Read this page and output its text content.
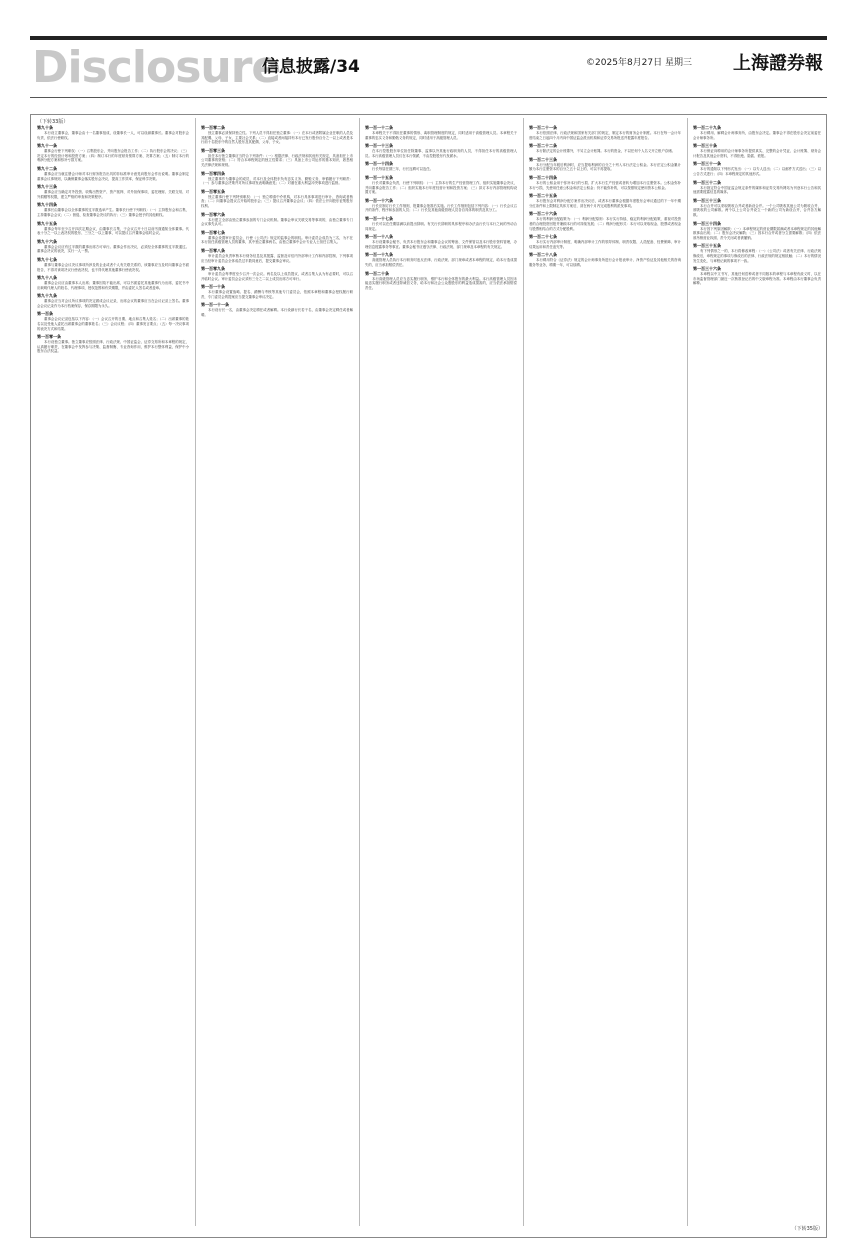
Disclosure
信息披露/34	©2025年8月27日 星期三 上海證券報
（下转33版）
第九十条

本行设立董事会，董事会由十一名董事组成，设董事长一人，可以设副董事长。董事会对股东会负责，依法行使职权。

第九十一条

董事会行使下列职权：（一）召集股东会，并向股东会报告工作；（二）执行股东会的决议；（三）决定本行的经营计划和投资方案；（四）制订本行的年度财务预算方案、决算方案；（五）制订本行的利润分配方案和弥补亏损方案。

第九十二条

董事会应当就注册会计师对本行财务报告出具的非标准审计意见向股东会作出说明。董事会制定董事会议事规则，以确保董事会落实股东会决议，提高工作效率，保证科学决策。

第九十三条

董事会应当确定对外投资、收购出售资产、资产抵押、对外担保事项、委托理财、关联交易、对外捐赠等权限，建立严格的审查和决策程序。

第九十四条

董事长由董事会以全体董事的过半数选举产生。董事长行使下列职权：（一）主持股东会和召集、主持董事会会议；（二）督促、检查董事会决议的执行；（三）董事会授予的其他职权。

第九十五条

董事会每年至少召开四次定期会议，由董事长召集，于会议召开十日以前书面通知全体董事。代表十分之一以上表决权的股东、三分之一以上董事，可以提议召开董事会临时会议。

第九十六条

董事会会议应有过半数的董事出席方可举行。董事会作出决议，必须经全体董事的过半数通过。董事会决议的表决，实行一人一票。

第九十七条

董事与董事会会议决议事项所涉及的企业或者个人有关联关系的，该董事应当及时向董事会书面报告，不得对该项决议行使表决权，也不得代理其他董事行使表决权。

第九十八条

董事会会议应由董事本人出席；董事因故不能出席，可以书面委托其他董事代为出席，委托书中应载明代理人的姓名、代理事项、授权范围和有效期限，并由委托人签名或者盖章。

第九十九条

董事会应当对会议所议事项的决定做成会议记录，出席会议的董事应当在会议记录上签名。董事会会议记录作为本行档案保存，保存期限为永久。

第一百条

董事会会议记录包括以下内容：（一）会议召开的日期、地点和召集人姓名；（二）出席董事的姓名以及受他人委托出席董事会的董事姓名；（三）会议议程；（四）董事发言要点；（五）每一决议事项的表决方式和结果。

第一百零一条

本行设独立董事。独立董事应按照法律、行政法规、中国证监会、证券交易所和本章程的规定，认真履行职责，在董事会中发挥参与决策、监督制衡、专业咨询作用，维护本行整体利益，保护中小股东合法权益。

第一百零二条

独立董事必须保持独立性。下列人员不得担任独立董事：（一）在本行或者附属企业任职的人员及其配偶、父母、子女、主要社会关系；（二）直接或者间接持有本行已发行股份百分之一以上或者是本行前十名股东中的自然人股东及其配偶、父母、子女。

第一百零三条

担任本行独立董事应当符合下列条件：（一）根据法律、行政法规和其他有关规定，具备担任上市公司董事的资格；（二）符合本章程规定的独立性要求；（三）具备上市公司运作的基本知识，熟悉相关法律法规和规则。

第一百零四条

独立董事作为董事会的成员，对本行及全体股东负有忠实义务、勤勉义务，审慎履行下列职责：（一）参与董事会决策并对所议事项发表明确意见；（二）对潜在重大利益冲突事项进行监督。

第一百零五条

独立董事行使下列特别职权：（一）独立聘请中介机构，对本行具体事项进行审计、咨询或者核查；（二）向董事会提议召开临时股东会；（三）提议召开董事会会议；（四）依法公开向股东征集股东权利。

第一百零六条

本行建立全部由独立董事参加的专门会议机制。董事会审议关联交易等事项的，由独立董事专门会议事先认可。

第一百零七条

董事会设置审计委员会，行使《公司法》规定的监事会的职权。审计委员会成员为三名，为不在本行担任高级管理人员的董事，其中独立董事两名，由独立董事中会计专业人士担任召集人。

第一百零八条

审计委员会负责审核本行财务信息及其披露、监督及评估内外部审计工作和内部控制，下列事项应当经审计委员会全体成员过半数同意后，提交董事会审议。

第一百零九条

审计委员会每季度至少召开一次会议。两名及以上成员提议，或者召集人认为有必要时，可以召开临时会议。审计委员会会议须有三分之二以上成员出席方可举行。

第一百一十条

本行董事会设置战略、提名、薪酬与考核等其他专门委员会，依照本章程和董事会授权履行职责，专门委员会的提案应当提交董事会审议决定。

第一百一十一条

本行设行长一名，由董事会决定聘任或者解聘。本行设副行长若干名，由董事会决定聘任或者解聘。

第一百一十二条

本章程关于不得担任董事的情形、离职管理制度的规定，同时适用于高级管理人员。本章程关于董事的忠实义务和勤勉义务的规定，同时适用于高级管理人员。

第一百一十三条

在本行控股股东单位担任除董事、监事以外其他行政职务的人员，不得担任本行的高级管理人员。本行高级管理人员仅在本行领薪，不由控股股东代发薪水。

第一百一十四条

行长每届任期三年，行长连聘可以连任。

第一百一十五条

行长对董事会负责，行使下列职权：（一）主持本行的生产经营管理工作，组织实施董事会决议，并向董事会报告工作；（二）组织实施本行年度经营计划和投资方案；（三）拟订本行内部管理机构设置方案。

第一百一十六条

行长应制订行长工作细则，报董事会批准后实施。行长工作细则包括下列内容：（一）行长会议召开的条件、程序和参加的人员；（二）行长及其他高级管理人员各自具体的职责及其分工。

第一百一十七条

行长可以在任期届满以前提出辞职。有关行长辞职的具体程序和办法由行长与本行之间的劳动合同规定。

第一百一十八条

本行设董事会秘书，负责本行股东会和董事会会议的筹备、文件保管以及本行股东资料管理，办理信息披露事务等事宜。董事会秘书应遵守法律、行政法规、部门规章及本章程的有关规定。

第一百一十九条

高级管理人员执行本行职务时违反法律、行政法规、部门规章或者本章程的规定，给本行造成损失的，应当承担赔偿责任。

第一百二十条

本行高级管理人员应当忠实履行职务，维护本行和全体股东的最大利益。本行高级管理人员因未能忠实履行职务或者违背诚信义务，给本行和社会公众股股东的利益造成损害的，应当依法承担赔偿责任。

第一百二十一条

本行依照法律、行政法规和国家有关部门的规定，制定本行的财务会计制度。本行在每一会计年度结束之日起四个月内向中国证监会派出机构和证券交易所报送并披露年度报告。

第一百二十二条

本行除法定的会计账簿外，不另立会计账簿。本行的资金，不以任何个人名义开立账户存储。

第一百二十三条

本行分配当年税后利润时，应当提取利润的百分之十列入本行法定公积金。本行法定公积金累计额为本行注册资本的百分之五十以上的，可以不再提取。

第一百二十四条

本行的公积金用于弥补本行的亏损、扩大本行生产经营或者转为增加本行注册资本。公积金弥补本行亏损，先使用任意公积金和法定公积金；仍不能弥补的，可以按照规定使用资本公积金。

第一百二十五条

本行股东会对利润分配方案作出决议后，或者本行董事会根据年度股东会审议通过的下一年中期分红条件和上限制定具体方案后，须在两个月内完成股利的派发事项。

第一百二十六条

本行的利润分配政策为：（一）利润分配原则：本行实行持续、稳定的利润分配政策，重视对投资者的合理投资回报并兼顾本行的可持续发展；（二）利润分配形式：本行可以采取现金、股票或者现金与股票相结合的方式分配股利。

第一百二十七条

本行实行内部审计制度，明确内部审计工作的领导体制、职责权限、人员配备、经费保障、审计结果运用和责任追究等。

第一百二十八条

本行聘用符合《证券法》规定的会计师事务所进行会计报表审计、净资产验证及其他相关的咨询服务等业务，聘期一年，可以续聘。

第一百二十九条

本行聘用、解聘会计师事务所，由股东会决定。董事会不得在股东会决定前委任会计师事务所。

第一百三十条

本行保证向聘用的会计师事务所提供真实、完整的会计凭证、会计账簿、财务会计报告及其他会计资料，不得拒绝、隐匿、谎报。

第一百三十一条

本行的通知以下列形式发出：（一）以专人送出；（二）以邮件方式送出；（三）以公告方式进行；（四）本章程规定的其他形式。

第一百三十二条

本行指定符合中国证监会规定条件的媒体和证券交易所网站为刊登本行公告和其他需要披露信息的媒体。

第一百三十三条

本行合并可以采取吸收合并或者新设合并。一个公司吸收其他公司为吸收合并，被吸收的公司解散。两个以上公司合并设立一个新的公司为新设合并，合并各方解散。

第一百三十四条

本行因下列原因解散：（一）本章程规定的营业期限届满或者本章程规定的其他解散事由出现；（二）股东会决议解散；（三）因本行合并或者分立需要解散；（四）依法被吊销营业执照、责令关闭或者被撤销。

第一百三十五条

有下列情形之一的，本行将修改章程：（一）《公司法》或者有关法律、行政法规修改后，章程规定的事项与修改后的法律、行政法规的规定相抵触；（二）本行的情况发生变化，与章程记载的事项不一致。

第一百三十六条

本章程以中文书写，其他任何语种或者不同版本的章程与本章程有歧义时，以在市场监督管理部门最近一次核准登记后的中文版章程为准。本章程由本行董事会负责解释。

（下转35版）
